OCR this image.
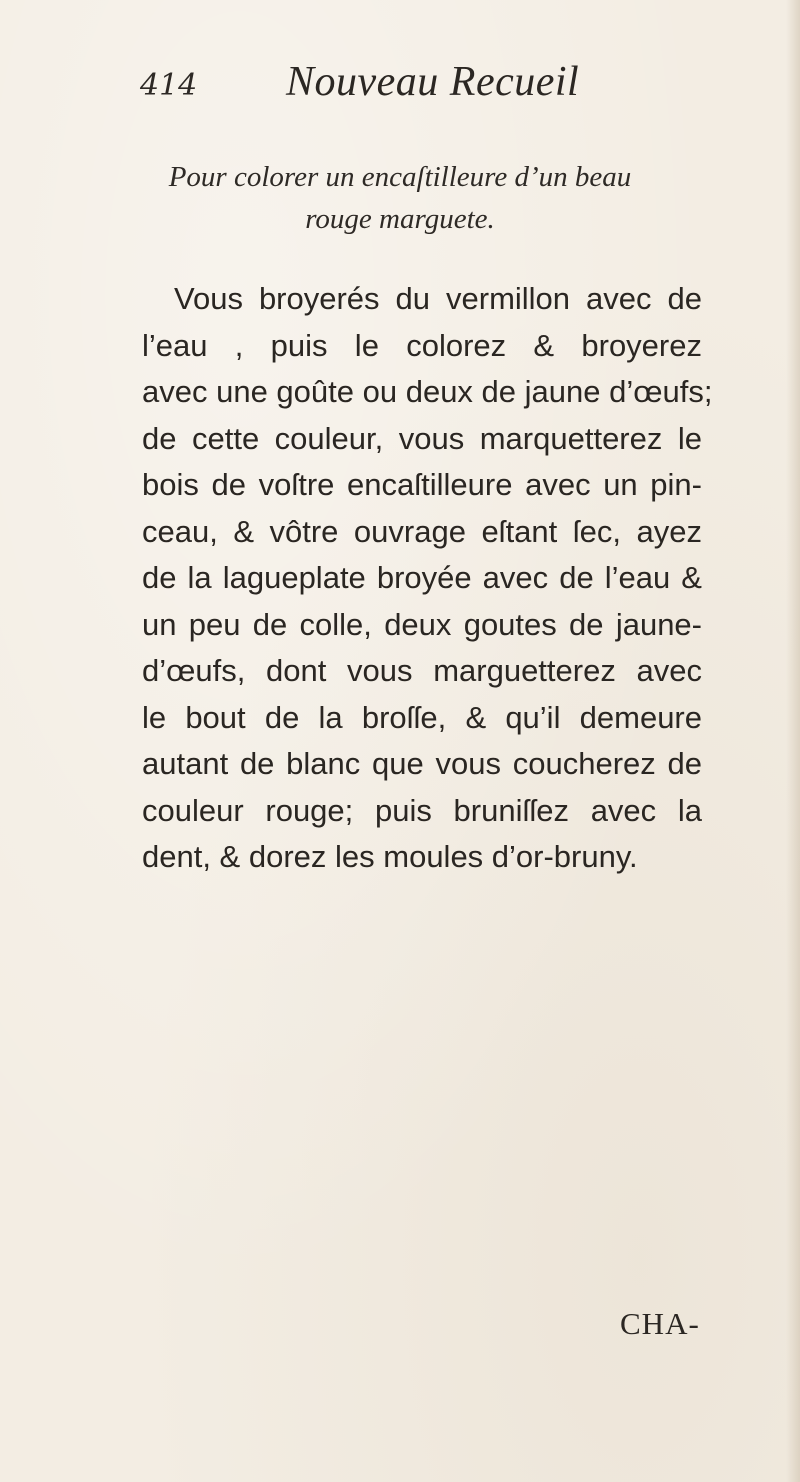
414 Nouveau Recueil
Pour colorer un encaſtilleure d’un beau
rouge marguete.
Vous broyerés du vermillon avec de
l’eau , puis le colorez & broyerez
avec une goûte ou deux de jaune d’œufs;
de cette couleur, vous marquetterez le
bois de voſtre encaſtilleure avec un pin-
ceau, & vôtre ouvrage eſtant ſec, ayez
de la lagueplate broyée avec de l’eau &
un peu de colle, deux goutes de jaune-
d’œufs, dont vous marguetterez avec
le bout de la broſſe, & qu’il demeure
autant de blanc que vous coucherez de
couleur rouge; puis bruniſſez avec la
dent, & dorez les moules d’or-bruny.
CHA-
